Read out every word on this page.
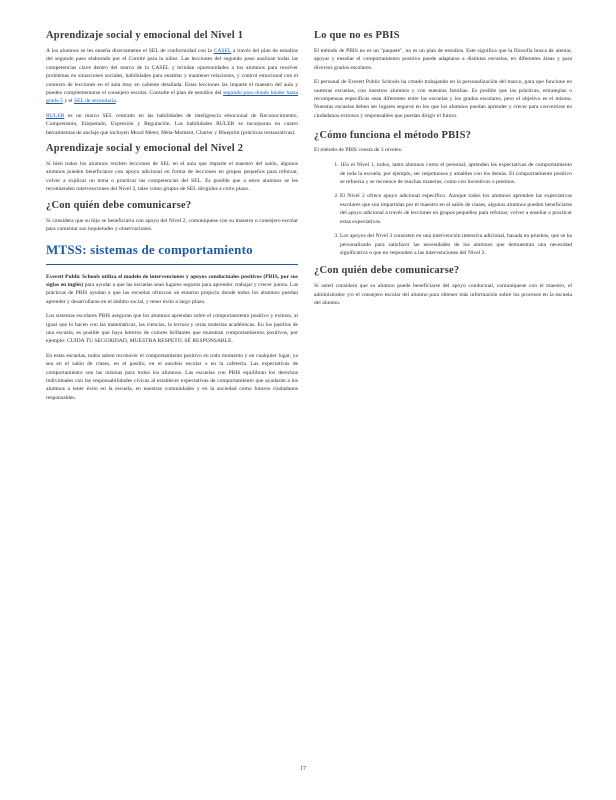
Aprendizaje social y emocional del Nivel 1

A los alumnos se les enseña directamente el SEL de conformidad con la CASEL a través del plan de estudios del segundo paso elaborado por el Comité para la niñez. Las lecciones del segundo paso analizan todas las competencias clave dentro del marco de la CASEL y brindan oportunidades a los alumnos para resolver problemas en situaciones sociales, habilidades para entablar y mantener relaciones, y control emocional con el contexto de lecciones en el aula muy en caliente detallada. Estas lecciones las imparte el maestro del aula y pueden complementarse el consejero escolar. Consulte el plan de estudios del segundo paso donde kinder hasta grado 5 y el SEL de secundaria.

RULER es un marco SEL centrado en las habilidades de inteligencia emocional de Reconocimiento, Comprensión, Etiquetado, Expresión y Regulación. Las habilidades RULER se incorporan en cuatro herramientas de anclaje que incluyen Mood Meter, Meta-Moment, Charter y Blueprint (prácticas restaurativas).

Aprendizaje social y emocional del Nivel 2

Si bien todos los alumnos reciben lecciones de SEL en el aula que imparte el maestro del salón, algunos alumnos pueden beneficiarse con apoyo adicional en forma de lecciones en grupos pequeños para reforzar, volver a explicar un tema o practicar las competencias del SEL. Es posible que a estos alumnos se les recomienden intervenciones del Nivel 2, tales como grupos de SEL dirigidos a corto plazo.

¿Con quién debe comunicarse?

Si considera que su hijo se beneficiaría con apoyo del Nivel 2, comuníquese con su maestro o consejero escolar para comentar sus inquietudes y observaciones.

MTSS: sistemas de comportamiento

Everett Public Schools utiliza el modelo de intervenciones y apoyos conductuales positivos (PBIS, por sus siglas en inglés) para ayudar a que las escuelas sean lugares seguros para aprender, trabajar y crecer juntos. Las prácticas de PBIS ayudan a que las escuelas ofrezcan un entorno propicio donde todos los alumnos puedan aprender y desarrollarse en el ámbito social, y tener éxito a largo plazo.

Los sistemas escolares PBIS aseguran que los alumnos aprendan sobre el comportamiento positivo y exitoso, al igual que lo hacen con las matemáticas, las ciencias, la lectura y otras materias académicas. En los pasillos de una escuela, es posible que haya letreros de colores brillantes que muestran comportamientos positivos, por ejemplo: CUIDA TU SEGURIDAD, MUESTRA RESPETO, SÉ RESPONSABLE.

En estas escuelas, todos saben reconocer el comportamiento positivo en todo momento y en cualquier lugar, ya sea en el salón de clases, en el pasillo, en el autobús escolar o en la cafetería. Las expectativas de comportamiento son las mismas para todos los alumnos. Las escuelas con PBIS equilibran los derechos individuales con las responsabilidades cívicas al establecer expectativas de comportamiento que ayudarán a los alumnos a tener éxito en la escuela, en nuestras comunidades y en la sociedad como futuros ciudadanos responsables.

Lo que no es PBIS

El método de PBIS no es un "paquete", no es un plan de estudios. Este significa que la filosofía busca de alentar, apoyar y enseñar el comportamiento positivo puede adaptarse a distintas escuelas, en diferentes áreas y para diversos grados escolares.

El personal de Everett Public Schools ha creado trabajando en la personalización del marco, para que funcione en nuestras escuelas, con nuestros alumnos y con nuestras familias. Es posible que las prácticas, estrategias o recompensas específicas sean diferentes entre las escuelas y los grados escolares, pero el objetivo es el mismo. Nuestras escuelas deben ser lugares seguros en los que los alumnos puedan aprender y crecer para convertirse en ciudadanos exitosos y responsables que puedan dirigir el futuro.

¿Cómo funciona el método PBIS?
El método de PBIS consta de 3 niveles:
1. 1En el Nivel 1, todos, tanto alumnos como el personal, aprenden las expectativas de comportamiento de toda la escuela; por ejemplo, ser respetuosos y amables con los demás. El comportamiento positivo se refuerza y se reconoce de muchas maneras, como con incentivos o premios.
2. El Nivel 2 ofrece apoyo adicional específico. Aunque todos los alumnos aprenden las expectativas escolares que son impartidas por el maestro en el salón de clases, algunos alumnos pueden beneficiarse del apoyo adicional a través de lecciones en grupos pequeños para reforzar, volver a enseñar o practicar estas expectativas.
3. Los apoyos del Nivel 3 consisten en una intervención intensiva adicional, basada en pruebas, que se ha personalizado para satisfacer las necesidades de los alumnos que demuestran una necesidad significativa o que no responden a las intervenciones del Nivel 2.
¿Con quién debe comunicarse?

Si usted considera que su alumno puede beneficiarse del apoyo conductual, comuníquese con el maestro, el administrador y/o el consejero escolar del alumno para obtener más información sobre los procesos en la escuela del alumno.

17
